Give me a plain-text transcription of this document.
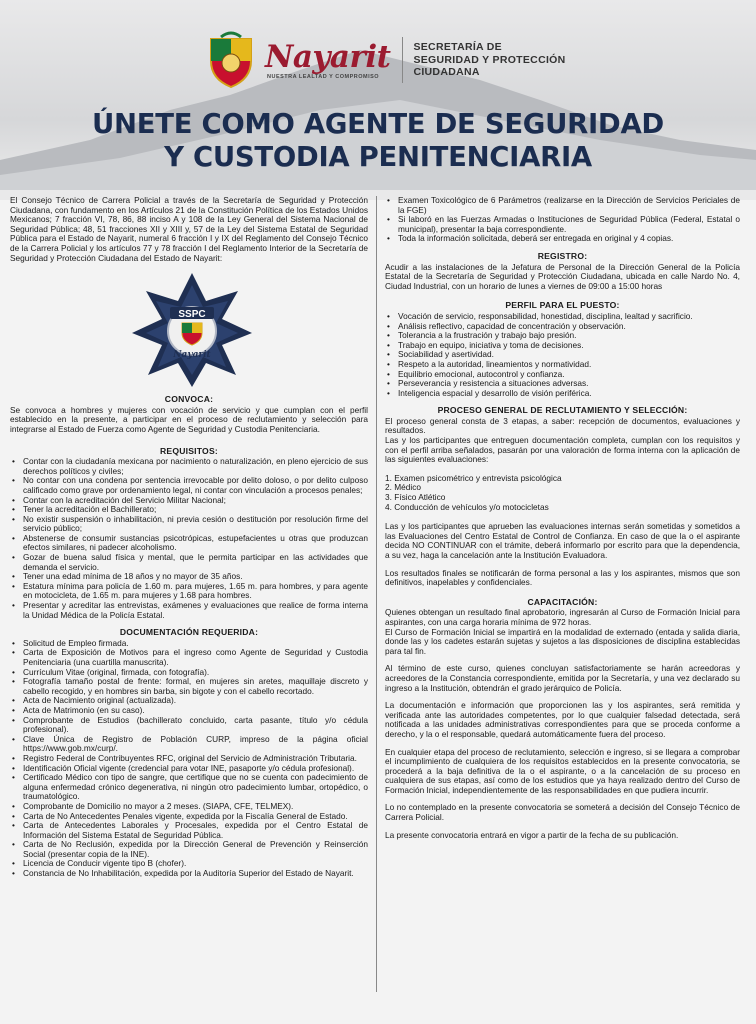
Nayarit
NUESTRA LEALTAD Y COMPROMISO
SECRETARÍA DE
SEGURIDAD Y PROTECCIÓN
CIUDADANA
ÚNETE COMO AGENTE DE SEGURIDAD
Y CUSTODIA PENITENCIARIA

El Consejo Técnico de Carrera Policial a través de la Secretaría de Seguridad y Protección Ciudadana, con fundamento en los Artículos 21 de la Constitución Política de los Estados Unidos Mexicanos; 7 fracción VI, 78, 86, 88 inciso A y 108 de la Ley General del Sistema Nacional de Seguridad Pública; 48, 51 fracciones XII y XIII y, 57 de la Ley del Sistema Estatal de Seguridad Pública para el Estado de Nayarit, numeral 6 fracción I y IX del Reglamento del Consejo Técnico de la Carrera Policial y los artículos 77 y 78 fracción I del Reglamento Interior de la Secretaría de Seguridad y Protección Ciudadana del Estado de Nayarit:

SSPC
Nayarit
CONVOCA:

Se convoca a hombres y mujeres con vocación de servicio y que cumplan con el perfil establecido en la presente, a participar en el proceso de reclutamiento y selección para integrarse al Estado de Fuerza como Agente de Seguridad y Custodia Penitenciaria.

REQUISITOS:
• Contar con la ciudadanía mexicana por nacimiento o naturalización, en pleno ejercicio de sus derechos políticos y civiles;
• No contar con una condena por sentencia irrevocable por delito doloso, o por delito culposo calificado como grave por ordenamiento legal, ni contar con vinculación a procesos penales;
• Contar con la acreditación del Servicio Militar Nacional;
• Tener la acreditación el Bachillerato;
• No existir suspensión o inhabilitación, ni previa cesión o destitución por resolución firme del servicio público;
• Abstenerse de consumir sustancias psicotrópicas, estupefacientes u otras que produzcan efectos similares, ni padecer alcoholismo.
• Gozar de buena salud física y mental, que le permita participar en las actividades que demanda el servicio.
• Tener una edad mínima de 18 años y no mayor de 35 años.
• Estatura mínima para policía de 1.60 m. para mujeres, 1.65 m. para hombres, y para agente en motocicleta, de 1.65 m. para mujeres y 1.68 para hombres.
• Presentar y acreditar las entrevistas, exámenes y evaluaciones que realice de forma interna la Unidad Médica de la Policía Estatal.
DOCUMENTACIÓN REQUERIDA:
• Solicitud de Empleo firmada.
• Carta de Exposición de Motivos para el ingreso como Agente de Seguridad y Custodia Penitenciaria (una cuartilla manuscrita).
• Currículum Vitae (original, firmada, con fotografía).
• Fotografía tamaño postal de frente: formal, en mujeres sin aretes, maquillaje discreto y cabello recogido, y en hombres sin barba, sin bigote y con el cabello recortado.
• Acta de Nacimiento original (actualizada).
• Acta de Matrimonio (en su caso).
• Comprobante de Estudios (bachillerato concluido, carta pasante, título y/o cédula profesional).
• Clave Única de Registro de Población CURP, impreso de la página oficial https://www.gob.mx/curp/.
• Registro Federal de Contribuyentes RFC, original del Servicio de Administración Tributaria.
• Identificación Oficial vigente (credencial para votar INE, pasaporte y/o cédula profesional).
• Certificado Médico con tipo de sangre, que certifique que no se cuenta con padecimiento de alguna enfermedad crónico degenerativa, ni ningún otro padecimiento lumbar, ortopédico, o traumatológico.
• Comprobante de Domicilio no mayor a 2 meses. (SIAPA, CFE, TELMEX).
• Carta de No Antecedentes Penales vigente, expedida por la Fiscalía General de Estado.
• Carta de Antecedentes Laborales y Procesales, expedida por el Centro Estatal de Información del Sistema Estatal de Seguridad Pública.
• Carta de No Reclusión, expedida por la Dirección General de Prevención y Reinserción Social (presentar copia de la INE).
• Licencia de Conducir vigente tipo B (chofer).
• Constancia de No Inhabilitación, expedida por la Auditoría Superior del Estado de Nayarit.
• Examen Toxicológico de 6 Parámetros (realizarse en la Dirección de Servicios Periciales de la FGE)
• Si laboró en las Fuerzas Armadas o Instituciones de Seguridad Pública (Federal, Estatal o municipal), presentar la baja correspondiente.
• Toda la información solicitada, deberá ser entregada en original y 4 copias.
REGISTRO:

Acudir a las instalaciones de la Jefatura de Personal de la Dirección General de la Policía Estatal de la Secretaría de Seguridad y Protección Ciudadana, ubicada en calle Nardo No. 4, Ciudad Industrial, con un horario de lunes a viernes de 09:00 a 15:00 horas

PERFIL PARA EL PUESTO:
• Vocación de servicio, responsabilidad, honestidad, disciplina, lealtad y sacrificio.
• Análisis reflectivo, capacidad de concentración y observación.
• Tolerancia a la frustración y trabajo bajo presión.
• Trabajo en equipo, iniciativa y toma de decisiones.
• Sociabilidad y asertividad.
• Respeto a la autoridad, lineamientos y normatividad.
• Equilibrio emocional, autocontrol y confianza.
• Perseverancia y resistencia a situaciones adversas.
• Inteligencia espacial y desarrollo de visión periférica.
PROCESO GENERAL DE RECLUTAMIENTO Y SELECCIÓN:

El proceso general consta de 3 etapas, a saber: recepción de documentos, evaluaciones y resultados.

Las y los participantes que entreguen documentación completa, cumplan con los requisitos y con el perfil arriba señalados, pasarán por una valoración de forma interna con la aplicación de las siguientes evaluaciones:

1. Examen psicométrico y entrevista psicológica
2. Médico
3. Físico Atlético
4. Conducción de vehículos y/o motocicletas

Las y los participantes que aprueben las evaluaciones internas serán sometidas y sometidos a las Evaluaciones del Centro Estatal de Control de Confianza. En caso de que la o el aspirante decida NO CONTINUAR con el trámite, deberá informarlo por escrito para que la dependencia, a su vez, haga la cancelación ante la Institución Evaluadora.

Los resultados finales se notificarán de forma personal a las y los aspirantes, mismos que son definitivos, inapelables y confidenciales.

CAPACITACIÓN:

Quienes obtengan un resultado final aprobatorio, ingresarán al Curso de Formación Inicial para aspirantes, con una carga horaria mínima de 972 horas.

El Curso de Formación Inicial se impartirá en la modalidad de externado (entada y salida diaria, donde las y los cadetes estarán sujetas y sujetos a las disposiciones de disciplina establecidas para tal fin.

Al término de este curso, quienes concluyan satisfactoriamente se harán acreedoras y acreedores de la Constancia correspondiente, emitida por la Secretaría, y una vez declarado su ingreso a la Institución, obtendrán el grado jerárquico de Policía.

La documentación e información que proporcionen las y los aspirantes, será remitida y verificada ante las autoridades competentes, por lo que cualquier falsedad detectada, será notificada a las unidades administrativas correspondientes para que se proceda conforme a derecho, y la o el responsable, quedará automáticamente fuera del proceso.

En cualquier etapa del proceso de reclutamiento, selección e ingreso, si se llegara a comprobar el incumplimiento de cualquiera de los requisitos establecidos en la presente convocatoria, se procederá a la baja definitiva de la o el aspirante, o a la cancelación de su proceso en cualquiera de sus etapas, así como de los estudios que ya haya realizado dentro del Curso de Formación Inicial, independientemente de las responsabilidades en que pudiera incurrir.

Lo no contemplado en la presente convocatoria se someterá a decisión del Consejo Técnico de Carrera Policial.

La presente convocatoria entrará en vigor a partir de la fecha de su publicación.
